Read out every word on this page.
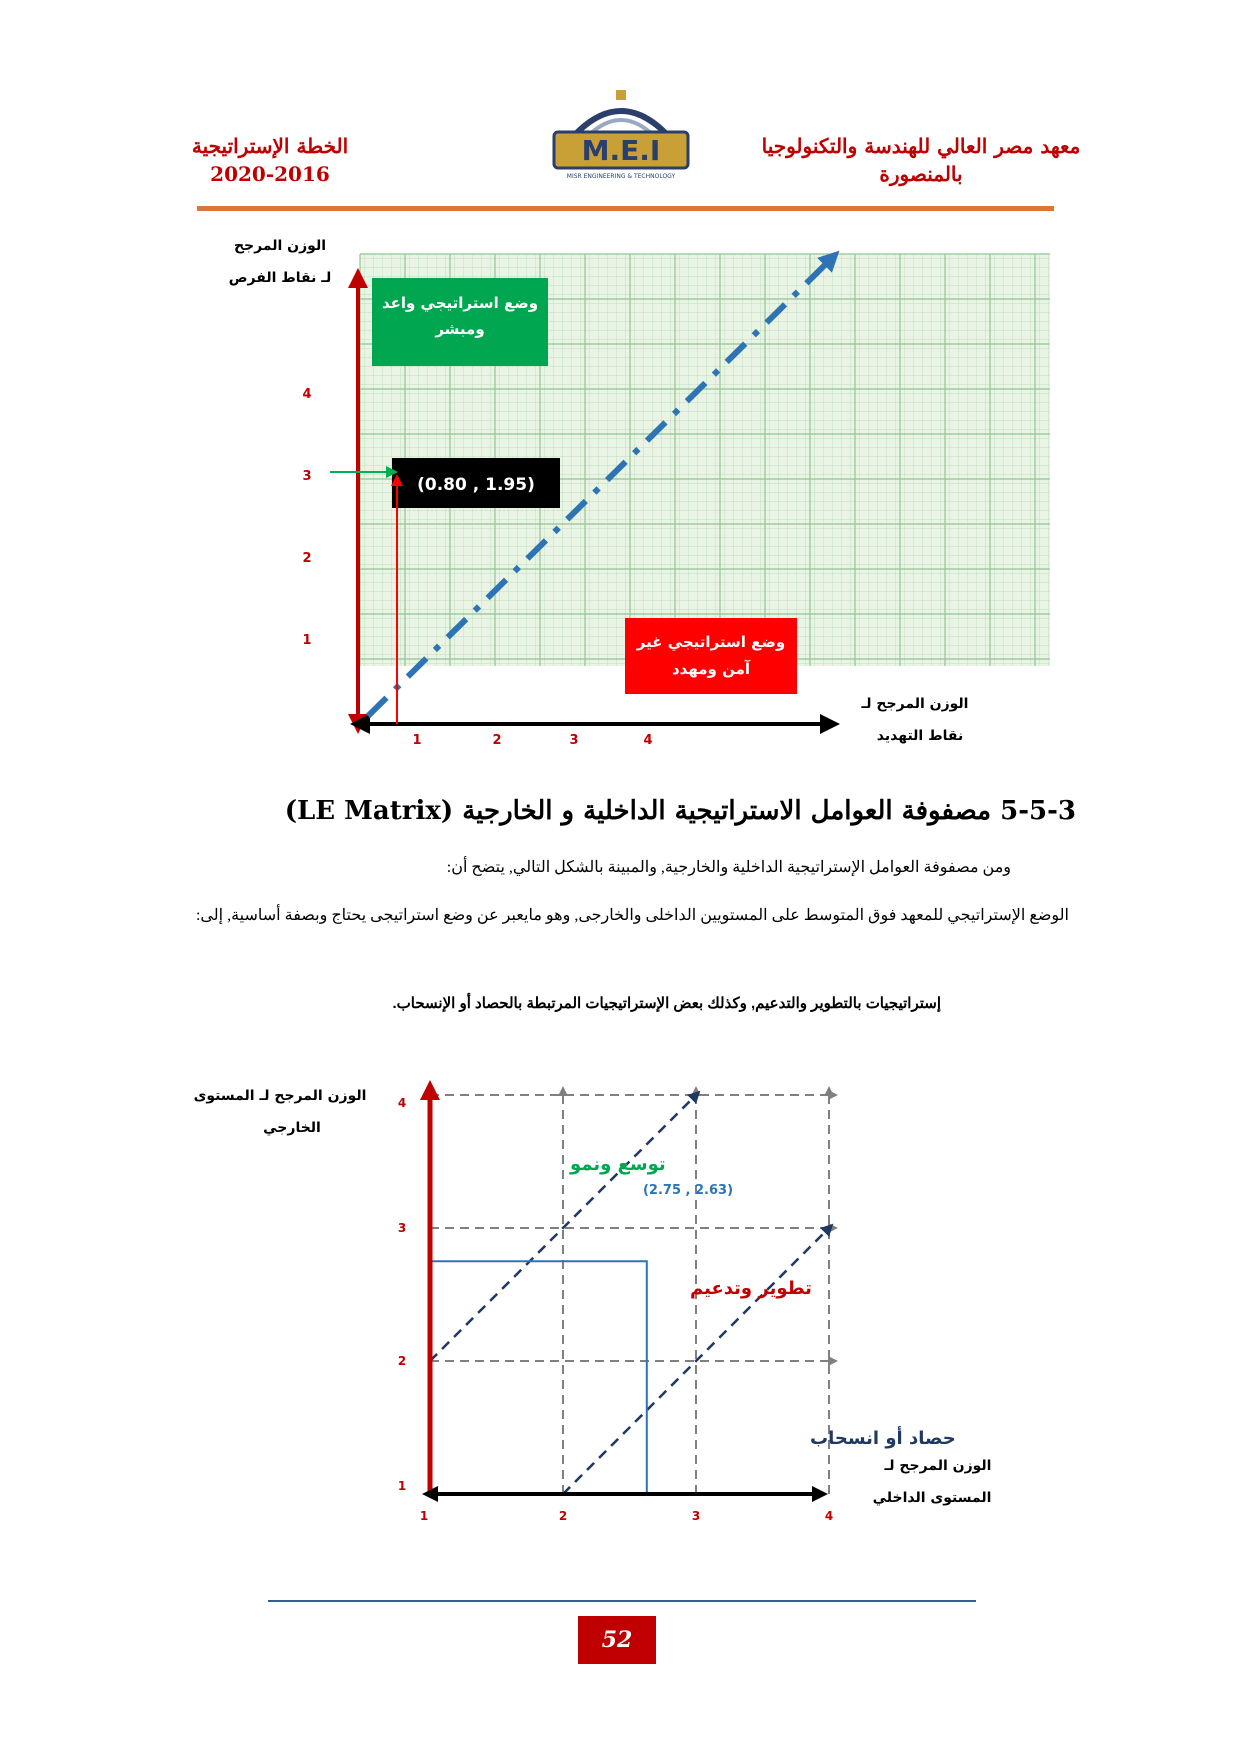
معهد مصر العالي للهندسة والتكنولوجيا
بالمنصورة
M.E.I
MISR ENGINEERING & TECHNOLOGY
الخطة الإستراتيجية
2020-2016
1	2	3	4
1
2
3
4
وضع استراتيجي واعد
ومبشر
(0.80 , 1.95)
وضع استراتيجي غير
آمن ومهدد
الوزن المرجح
لـ نقاط الفرص
الوزن المرجح لـ
نقاط التهديد
5-5-3 مصفوفة العوامل الاستراتيجية الداخلية و الخارجية (LE Matrix)
ومن مصفوفة العوامل الإستراتيجية الداخلية والخارجية, والمبينة بالشكل التالي, يتضح أن:
الوضع الإستراتيجي للمعهد فوق المتوسط على المستويين الداخلى والخارجى, وهو مايعبر عن وضع استراتيجى يحتاج وبصفة أساسية, إلى:
إستراتيجيات بالتطوير والتدعيم, وكذلك بعض الإستراتيجيات المرتبطة بالحصاد أو الإنسحاب.
1	2	3	4
1
2
3
4
توسع ونمو
تطوير وتدعيم
حصاد أو انسحاب
(2.75 , 2.63)
الوزن المرجح لـ المستوى
الخارجي
الوزن المرجح لـ
المستوى الداخلي
52
